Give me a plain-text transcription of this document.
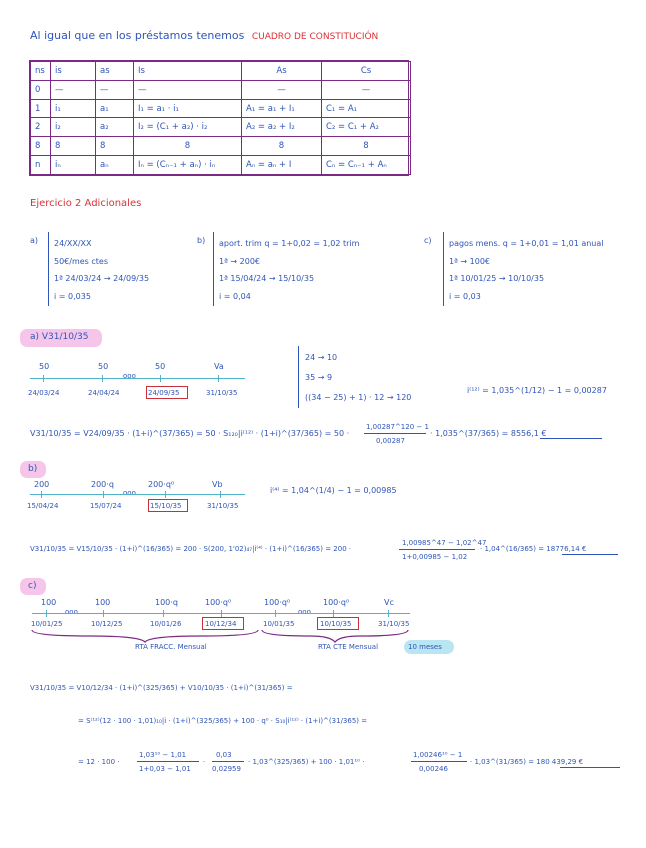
Al igual que en los préstamos tenemos CUADRO DE CONSTITUCIÓN
ns	is	as	Is	As	Cs
0	—	—	—	—	—
1	i₁	a₁	I₁ = a₁ · i₁	A₁ = a₁ + I₁	C₁ = A₁
2	i₂	a₂	I₂ = (C₁ + a₂) · i₂	A₂ = a₂ + I₂	C₂ = C₁ + A₂
8	8	8	8	8	8
n	iₙ	aₙ	Iₙ = (Cₙ₋₁ + aₙ) · iₙ	Aₙ = aₙ + I	Cₙ = Cₙ₋₁ + Aₙ
Ejercicio 2 Adicionales
a) 24/XX/XX
50€/mes ctes
1ª 24/03/24 → 24/09/35
i = 0,035
b) aport. trim q = 1+0,02 = 1,02 trim
1ª → 200€
1ª 15/04/24 → 15/10/35
i = 0,04
c) pagos mens. q = 1+0,01 = 1,01 anual
1ª → 100€
1ª 10/01/25 → 10/10/35
i = 0,03
a) V31/10/35
50	50
ooo
50	Va
24/03/24	24/04/24	24/09/35	31/10/35
24 → 10
35 → 9
((34 − 25) + 1) · 12 → 120
i⁽¹²⁾ = 1,035^(1/12) − 1 = 0,00287
V31/10/35 = V24/09/35 · (1+i)^(37/365) = 50 · S₁₂₀|i⁽¹²⁾ · (1+i)^(37/365) = 50 ·
1,00287^120 − 1
0,00287
· 1,035^(37/365) = 8556,1 €
b)
200	200·q
ooo
200·q⁰	Vb
15/04/24	15/07/24	15/10/35	31/10/35
i⁽⁴⁾ = 1,04^(1/4) − 1 = 0,00985
V31/10/35 = V15/10/35 · (1+i)^(16/365) = 200 · S(200, 1'02)₄₇|i⁽⁴⁾ · (1+i)^(16/365) = 200 ·
1,00985^47 − 1,02^47
1+0,00985 − 1,02
· 1,04^(16/365) = 18776,14 €
c)
100
ooo
100	100·q	100·q⁰	100·q⁰
ooo
100·q⁰	Vc
10/01/25	10/12/25	10/01/26	10/12/34	10/01/35	10/10/35	31/10/35
RTA FRACC. Mensual	RTA CTE Mensual	10 meses
V31/10/35 = V10/12/34 · (1+i)^(325/365) + V10/10/35 · (1+i)^(31/365) =
= S⁽¹²⁾(12 · 100 · 1,01)₁₀|i · (1+i)^(325/365) + 100 · q⁰ · S₁₀|i⁽¹²⁾ · (1+i)^(31/365) =
= 12 · 100 ·
1,03¹⁰ − 1,01
1+0,03 − 1,01
·
0,03
0,02959
· 1,03^(325/365) + 100 · 1,01¹⁰ ·
1,00246¹⁰ − 1
0,00246
· 1,03^(31/365) = 180 439,29 €
